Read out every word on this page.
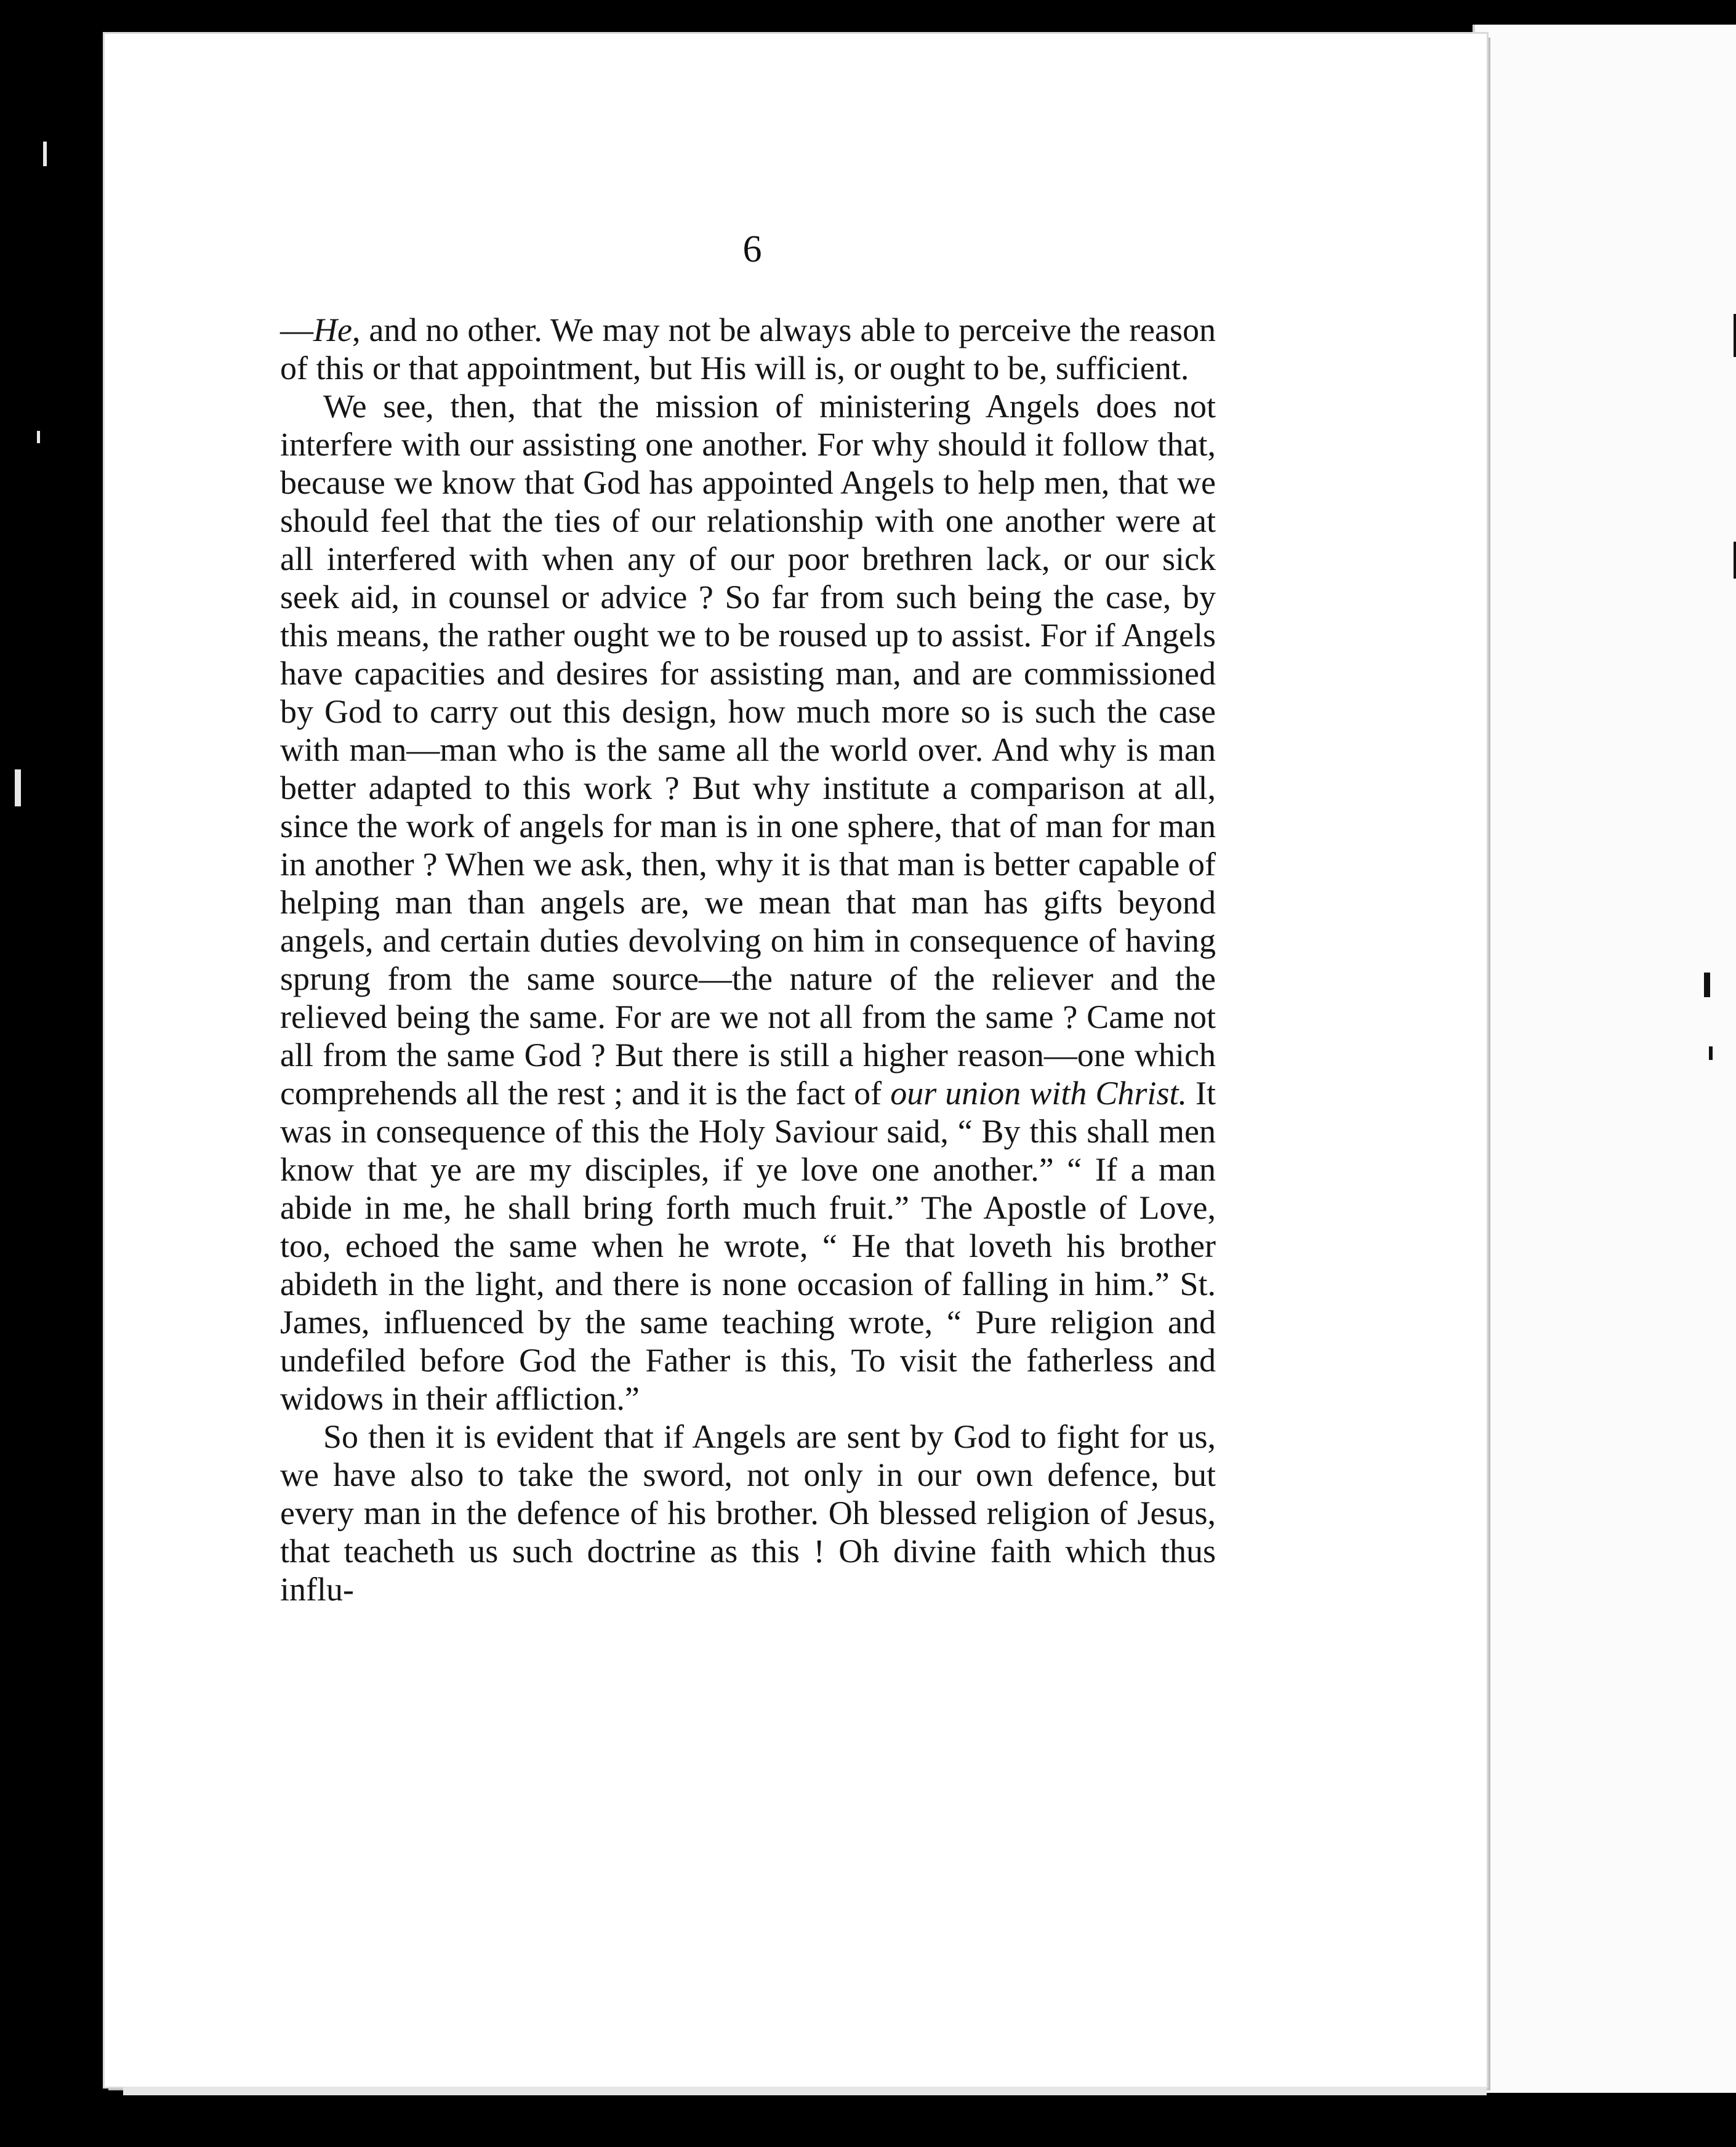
6

—He, and no other. We may not be always able to perceive the reason of this or that appointment, but His will is, or ought to be, sufficient.

We see, then, that the mission of ministering Angels does not interfere with our assisting one another. For why should it follow that, because we know that God has appointed Angels to help men, that we should feel that the ties of our relationship with one another were at all interfered with when any of our poor brethren lack, or our sick seek aid, in counsel or advice ? So far from such being the case, by this means, the rather ought we to be roused up to assist. For if Angels have capacities and desires for assisting man, and are commissioned by God to carry out this design, how much more so is such the case with man—man who is the same all the world over. And why is man better adapted to this work ? But why institute a comparison at all, since the work of angels for man is in one sphere, that of man for man in another ? When we ask, then, why it is that man is better capable of helping man than angels are, we mean that man has gifts beyond angels, and certain duties devolving on him in consequence of having sprung from the same source—the nature of the reliever and the relieved being the same. For are we not all from the same ? Came not all from the same God ? But there is still a higher reason—one which comprehends all the rest ; and it is the fact of our union with Christ. It was in consequence of this the Holy Saviour said, “ By this shall men know that ye are my disciples, if ye love one another.” “ If a man abide in me, he shall bring forth much fruit.” The Apostle of Love, too, echoed the same when he wrote, “ He that loveth his brother abideth in the light, and there is none occasion of falling in him.” St. James, influenced by the same teaching wrote, “ Pure religion and undefiled before God the Father is this, To visit the fatherless and widows in their affliction.”

So then it is evident that if Angels are sent by God to fight for us, we have also to take the sword, not only in our own defence, but every man in the defence of his brother. Oh blessed religion of Jesus, that teacheth us such doctrine as this ! Oh divine faith which thus influ-
